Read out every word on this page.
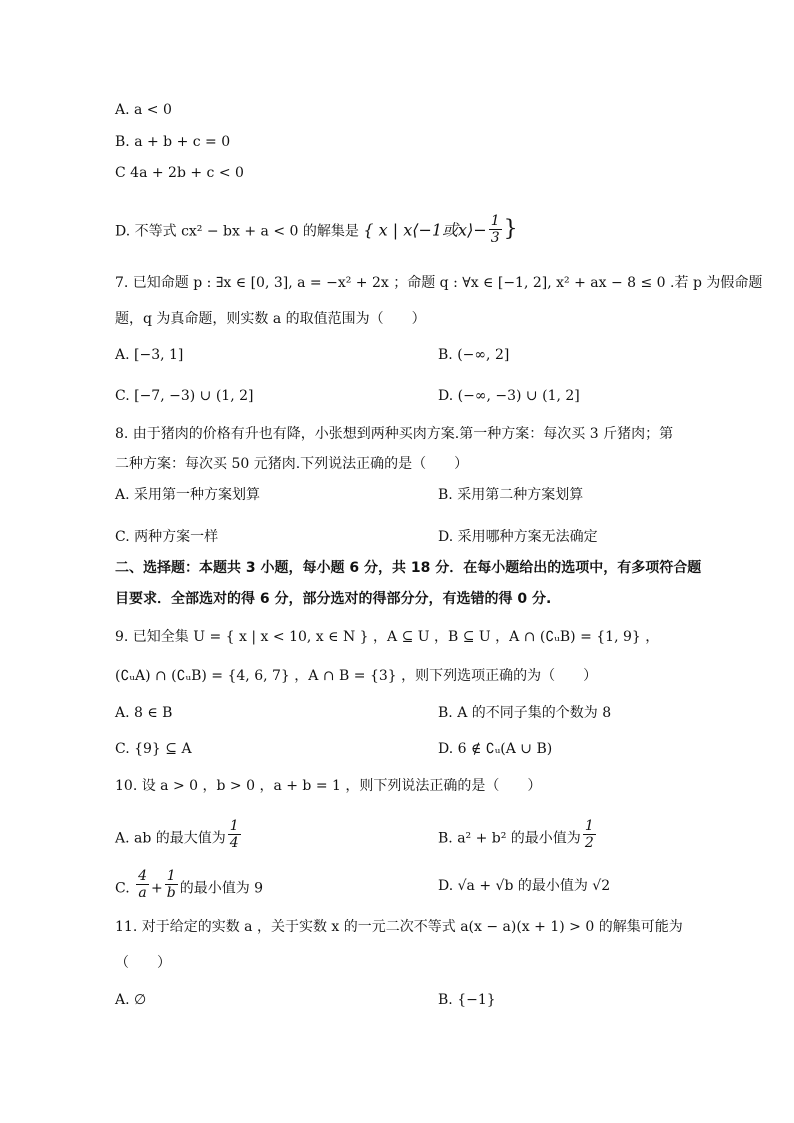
A. a < 0
B. a + b + c = 0
C 4a + 2b + c < 0
D. 不等式 cx² − bx + a < 0 的解集是 { x | x⟨−1或x⟩− $\frac{1}{3}$ }
7. 已知命题 p : ∃x ∈ [0, 3], a = −x² + 2x ；命题 q : ∀x ∈ [−1, 2], x² + ax − 8 ≤ 0 .若 p 为假命题
题，q 为真命题，则实数 a 的取值范围为（　　）
A. [−3, 1]	B. (−∞, 2]
C. [−7, −3) ∪ (1, 2]	D. (−∞, −3) ∪ (1, 2]
8. 由于猪肉的价格有升也有降，小张想到两种买肉方案.第一种方案：每次买 3 斤猪肉；第
二种方案：每次买 50 元猪肉.下列说法正确的是（　　）
A. 采用第一种方案划算	B. 采用第二种方案划算
C. 两种方案一样	D. 采用哪种方案无法确定
二、选择题：本题共 3 小题，每小题 6 分，共 18 分．在每小题给出的选项中，有多项符合题
目要求．全部选对的得 6 分，部分选对的得部分分，有选错的得 0 分.
9. 已知全集 U = { x | x < 10, x ∈ N } ，A ⊆ U ，B ⊆ U ，A ∩ (∁ᵤB) = {1, 9} ，
(∁ᵤA) ∩ (∁ᵤB) = {4, 6, 7} ，A ∩ B = {3} ，则下列选项正确的为（　　）
A. 8 ∈ B	B. A 的不同子集的个数为 8
C. {9} ⊆ A	D. 6 ∉ ∁ᵤ(A ∪ B)
10. 设 a > 0 ，b > 0 ，a + b = 1 ，则下列说法正确的是（　　）
A. ab 的最大值为 $\frac{1}{4}$	B. a² + b² 的最小值为 $\frac{1}{2}$
C. $\frac{4}{a} + \frac{1}{b}$ 的最小值为 9	D. √a + √b 的最小值为 √2
11. 对于给定的实数 a ，关于实数 x 的一元二次不等式 a(x − a)(x + 1) > 0 的解集可能为
（　　）
A. ∅	B. {−1}
